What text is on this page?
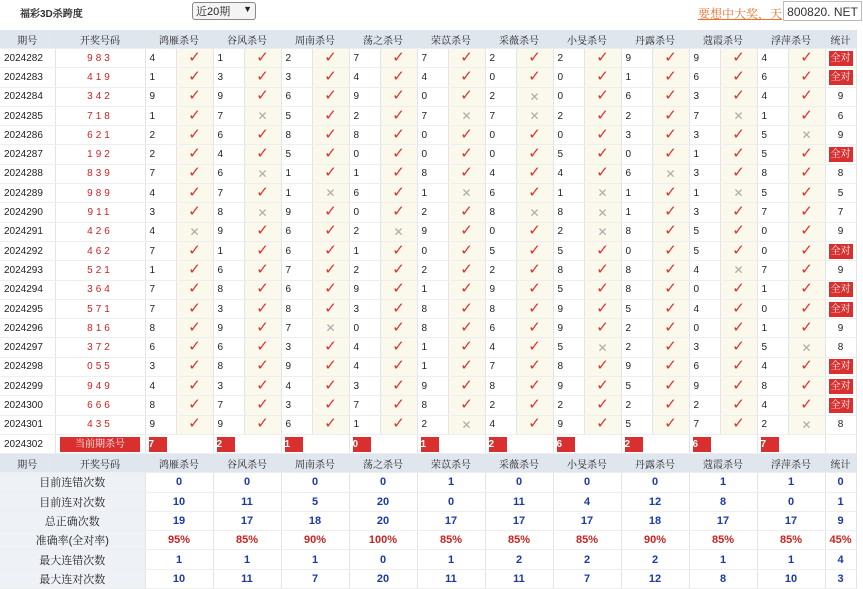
福彩3D杀跨度	近20期 ▼	要想中大奖，天 800820. NET
期号	开奖号码	鸿雁杀号		谷风杀号		周南杀号		荡之杀号		荣苡杀号		采薇杀号		小旻杀号		丹露杀号		蔻霞杀号		浮萍杀号		统计
2024282	983	4	✓	1	✓	2	✓	7	✓	7	✓	2	✓	2	✓	9	✓	9	✓	4	✓	全对
2024283	419	1	✓	3	✓	3	✓	4	✓	4	✓	0	✓	0	✓	1	✓	6	✓	6	✓	全对
2024284	342	9	✓	9	✓	6	✓	9	✓	0	✓	2	✕	0	✓	6	✓	3	✓	4	✓	9
2024285	718	1	✓	7	✕	5	✓	2	✓	7	✕	7	✕	2	✓	2	✓	7	✕	1	✓	6
2024286	621	2	✓	6	✓	8	✓	8	✓	0	✓	0	✓	0	✓	3	✓	3	✓	5	✕	9
2024287	192	2	✓	4	✓	5	✓	0	✓	0	✓	0	✓	5	✓	0	✓	1	✓	5	✓	全对
2024288	839	7	✓	6	✕	1	✓	1	✓	8	✓	4	✓	4	✓	6	✕	3	✓	8	✓	8
2024289	989	4	✓	7	✓	1	✕	6	✓	1	✕	6	✓	1	✕	1	✓	1	✕	5	✓	5
2024290	911	3	✓	8	✕	9	✓	0	✓	2	✓	8	✕	8	✕	1	✓	3	✓	7	✓	7
2024291	426	4	✕	9	✓	6	✓	2	✕	9	✓	0	✓	2	✕	8	✓	5	✓	0	✓	9
2024292	462	7	✓	1	✓	6	✓	1	✓	0	✓	5	✓	5	✓	0	✓	5	✓	0	✓	全对
2024293	521	1	✓	6	✓	7	✓	2	✓	2	✓	2	✓	8	✓	8	✓	4	✕	7	✓	9
2024294	364	7	✓	8	✓	6	✓	9	✓	1	✓	9	✓	5	✓	8	✓	0	✓	1	✓	全对
2024295	571	7	✓	3	✓	8	✓	3	✓	8	✓	8	✓	9	✓	5	✓	4	✓	0	✓	全对
2024296	816	8	✓	9	✓	7	✕	0	✓	8	✓	6	✓	9	✓	2	✓	0	✓	1	✓	9
2024297	372	6	✓	6	✓	3	✓	4	✓	1	✓	4	✓	5	✕	2	✓	3	✓	5	✕	8
2024298	055	3	✓	8	✓	9	✓	4	✓	1	✓	7	✓	8	✓	9	✓	6	✓	4	✓	全对
2024299	949	4	✓	3	✓	4	✓	3	✓	9	✓	8	✓	9	✓	5	✓	9	✓	8	✓	全对
2024300	666	8	✓	7	✓	3	✓	7	✓	8	✓	2	✓	2	✓	2	✓	2	✓	4	✓	全对
2024301	435	9	✓	9	✓	6	✓	1	✓	2	✕	4	✓	9	✓	5	✓	7	✓	2	✕	8
2024302	当前期杀号	7		2		1		0		1		2		6		2		6		7		
期号	开奖号码	鸿雁杀号		谷风杀号		周南杀号		荡之杀号		荣苡杀号		采薇杀号		小旻杀号		丹露杀号		蔻霞杀号		浮萍杀号		统计
目前连错次数		0		0		0		0		1		0		0		0		1		1		0
目前连对次数		10		11		5		20		0		11		4		12		8		0		1
总正确次数		19		17		18		20		17		17		17		18		17		17		9
准确率(全对率)		95%		85%		90%		100%		85%		85%		85%		90%		85%		85%		45%
最大连错次数		1		1		1		0		1		2		2		2		1		1		4
最大连对次数		10		11		7		20		11		11		7		12		8		10		3
